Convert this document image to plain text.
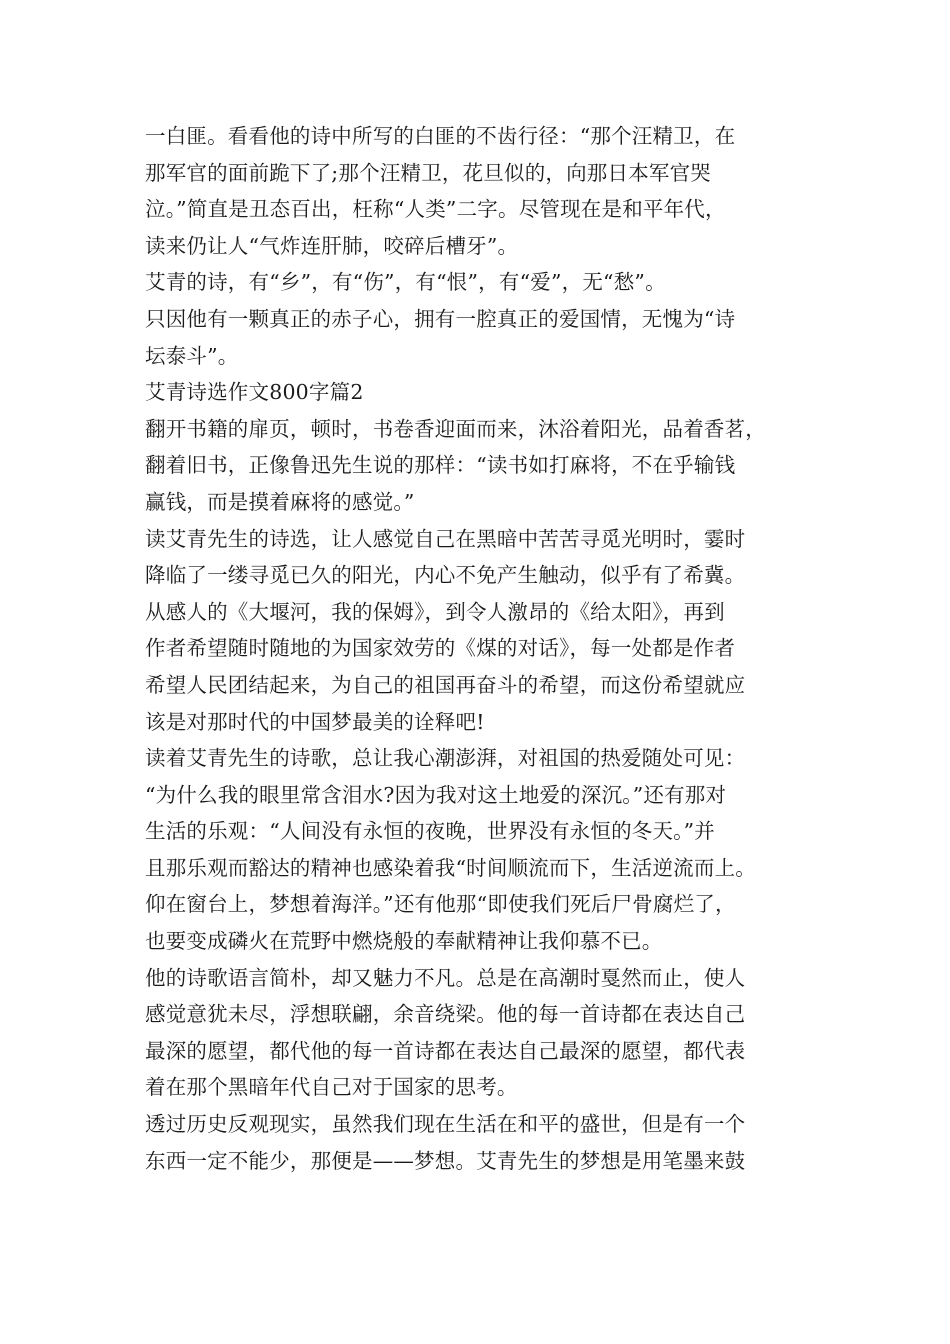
一白匪。看看他的诗中所写的白匪的不齿行径：“那个汪精卫，在
那军官的面前跪下了;那个汪精卫，花旦似的，向那日本军官哭
泣。”简直是丑态百出，枉称“人类”二字。尽管现在是和平年代，
读来仍让人“气炸连肝肺，咬碎后槽牙”。
艾青的诗，有“乡”，有“伤”，有“恨”，有“爱”，无“愁”。
只因他有一颗真正的赤子心，拥有一腔真正的爱国情，无愧为“诗
坛泰斗”。
艾青诗选作文800字篇2
翻开书籍的扉页，顿时，书卷香迎面而来，沐浴着阳光，品着香茗，
翻着旧书，正像鲁迅先生说的那样：“读书如打麻将，不在乎输钱
赢钱，而是摸着麻将的感觉。”
读艾青先生的诗选，让人感觉自己在黑暗中苦苦寻觅光明时，霎时
降临了一缕寻觅已久的阳光，内心不免产生触动，似乎有了希冀。
从感人的《大堰河，我的保姆》，到令人激昂的《给太阳》，再到
作者希望随时随地的为国家效劳的《煤的对话》，每一处都是作者
希望人民团结起来，为自己的祖国再奋斗的希望，而这份希望就应
该是对那时代的中国梦最美的诠释吧!
读着艾青先生的诗歌，总让我心潮澎湃，对祖国的热爱随处可见：
“为什么我的眼里常含泪水?因为我对这土地爱的深沉。”还有那对
生活的乐观：“人间没有永恒的夜晚，世界没有永恒的冬天。”并
且那乐观而豁达的精神也感染着我“时间顺流而下，生活逆流而上。
仰在窗台上，梦想着海洋。”还有他那“即使我们死后尸骨腐烂了，
也要变成磷火在荒野中燃烧般的奉献精神让我仰慕不已。
他的诗歌语言简朴，却又魅力不凡。总是在高潮时戛然而止，使人
感觉意犹未尽，浮想联翩，余音绕梁。他的每一首诗都在表达自己
最深的愿望，都代他的每一首诗都在表达自己最深的愿望，都代表
着在那个黑暗年代自己对于国家的思考。
透过历史反观现实，虽然我们现在生活在和平的盛世，但是有一个
东西一定不能少，那便是——梦想。艾青先生的梦想是用笔墨来鼓
